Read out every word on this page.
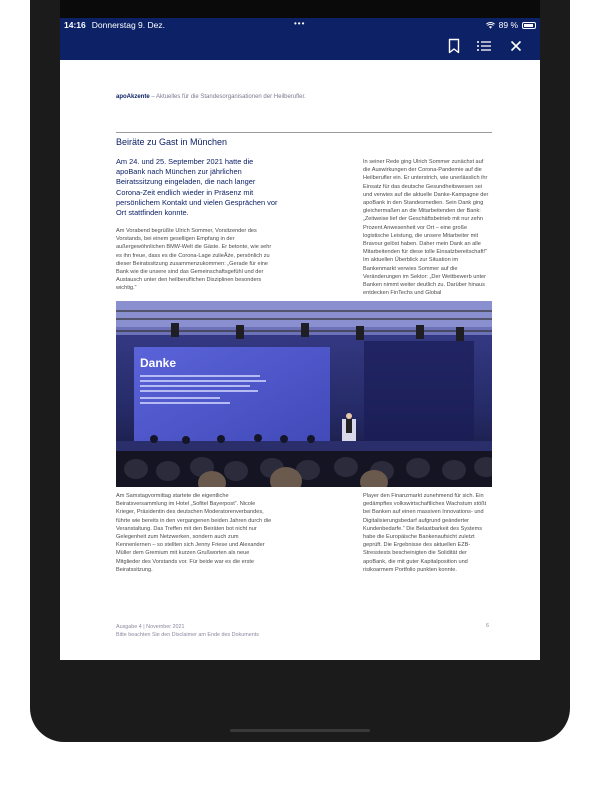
14:16 Donnerstag 9. Dez.	•••	89 %
apoAkzente – Aktuelles für die Standesorganisationen der Heilberufler.
Beiräte zu Gast in München
Am 24. und 25. September 2021 hatte die apoBank nach München zur jährlichen Beiratssitzung eingeladen, die nach langer Corona-Zeit endlich wieder in Präsenz mit persönlichem Kontakt und vielen Gesprächen vor Ort stattfinden konnte.

Am Vorabend begrüßte Ulrich Sommer, Vorsitzender des Vorstands, bei einem geselligen Empfang in der außergewöhnlichen BMW-Welt die Gäste. Er betonte, wie sehr es ihn freue, dass es die Corona-Lage zulieĂźe, persönlich zu dieser Beiratssitzung zusammenzukommen: „Gerade für eine Bank wie die unsere sind das Gemeinschaftsgefühl und der Austausch unter den heilberuflichen Disziplinen besonders wichtig.“

In seiner Rede ging Ulrich Sommer zunächst auf die Auswirkungen der Corona-Pandemie auf die Heilberufler ein. Er unterstrich, wie unerlässlich ihr Einsatz für das deutsche Gesundheitswesen sei und verwies auf die aktuelle Danke-Kampagne der apoBank in den Standesmedien. Sein Dank ging gleichermaßen an die Mitarbeitenden der Bank: „Zeitweise lief der Geschäftsbetrieb mit nur zehn Prozent Anwesenheit vor Ort – eine große logistische Leistung, die unsere Mitarbeiter mit Bravour gelöst haben. Daher mein Dank an alle Mitarbeitenden für diese tolle Einsatzbereitschaft!“ Im aktuellen Überblick zur Situation im Bankenmarkt verwies Sommer auf die Veränderungen im Sektor: „Der Wettbewerb unter Banken nimmt weiter deutlich zu. Darüber hinaus entdecken FinTechs und Global

Danke

Am Samstagvormittag startete die eigentliche Beiratsversammlung im Hotel „Sofitel Bayerpost“. Nicole Krieger, Präsidentin des deutschen Moderatorenverbandes, führte wie bereits in den vergangenen beiden Jahren durch die Veranstaltung. Das Treffen mit den Beiräten bot nicht nur Gelegenheit zum Netzwerken, sondern auch zum Kennenlernen – so stellten sich Jenny Friese und Alexander Müller dem Gremium mit kurzen Grußworten als neue Mitglieder des Vorstands vor. Für beide war es die erste Beiratssitzung.

Player den Finanzmarkt zunehmend für sich. Ein gedämpftes volkswirtschaftliches Wachstum stößt bei Banken auf einen massiven Innovations- und Digitalisierungsbedarf aufgrund geänderter Kundenbedarfe.“ Die Belastbarkeit des Systems habe die Europäische Bankenaufsicht zuletzt geprüft. Die Ergebnisse des aktuellen EZB-Stresstests bescheinigten die Solidität der apoBank, die mit guter Kapitalposition und risikoarmem Portfolio punkten konnte.

Ausgabe 4 | November 2021
Bitte beachten Sie den Disclaimer am Ende des Dokuments
6
